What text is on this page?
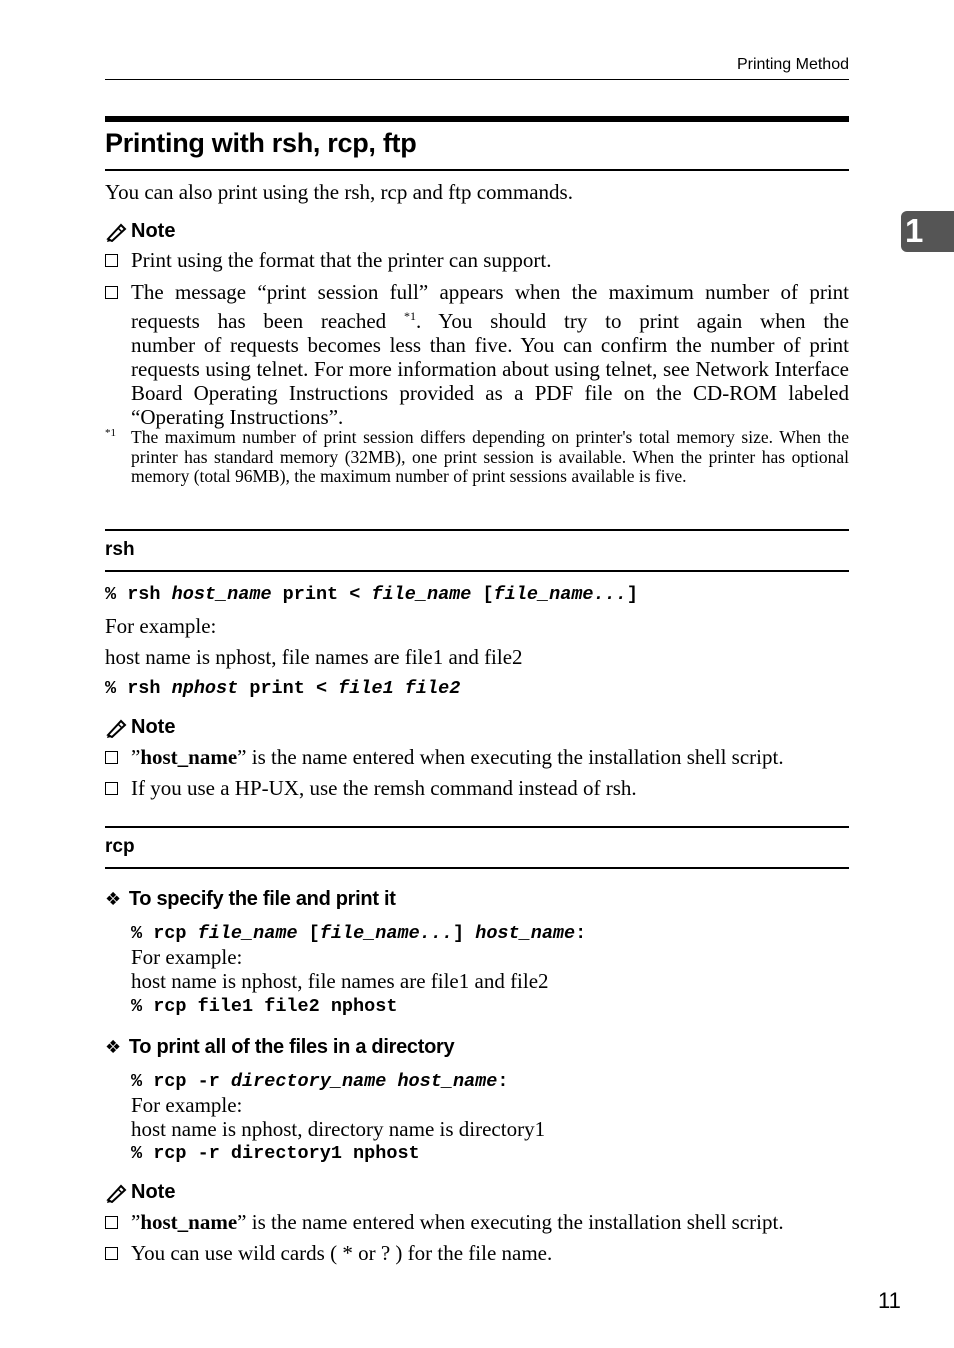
Printing Method
1
Printing with rsh, rcp, ftp
You can also print using the rsh, rcp and ftp commands.
Note
Print using the format that the printer can support.
The message “print session full” appears when the maximum number of print requests has been reached $^{*1}$. You should try to print again when the
number of requests becomes less than five. You can confirm the number of print requests using telnet. For more information about using telnet, see Network Interface Board Operating Instructions provided as a PDF file on the CD-ROM labeled “Operating Instructions”.
*1 The maximum number of print session differs depending on printer's total memory size. When the printer has standard memory (32MB), one print session is available. When the printer has optional memory (total 96MB), the maximum number of print sessions available is five.
rsh
% rsh host_name print < file_name [file_name...]
For example:
host name is nphost, file names are file1 and file2
% rsh nphost print < file1 file2
Note
”host_name” is the name entered when executing the installation shell script.
If you use a HP-UX, use the remsh command instead of rsh.
rcp
❖ To specify the file and print it
% rcp file_name [file_name...] host_name:
For example:
host name is nphost, file names are file1 and file2
% rcp file1 file2 nphost
❖ To print all of the files in a directory
% rcp -r directory_name host_name:
For example:
host name is nphost, directory name is directory1
% rcp -r directory1 nphost
Note
”host_name” is the name entered when executing the installation shell script.
You can use wild cards ( * or ? ) for the file name.
11
